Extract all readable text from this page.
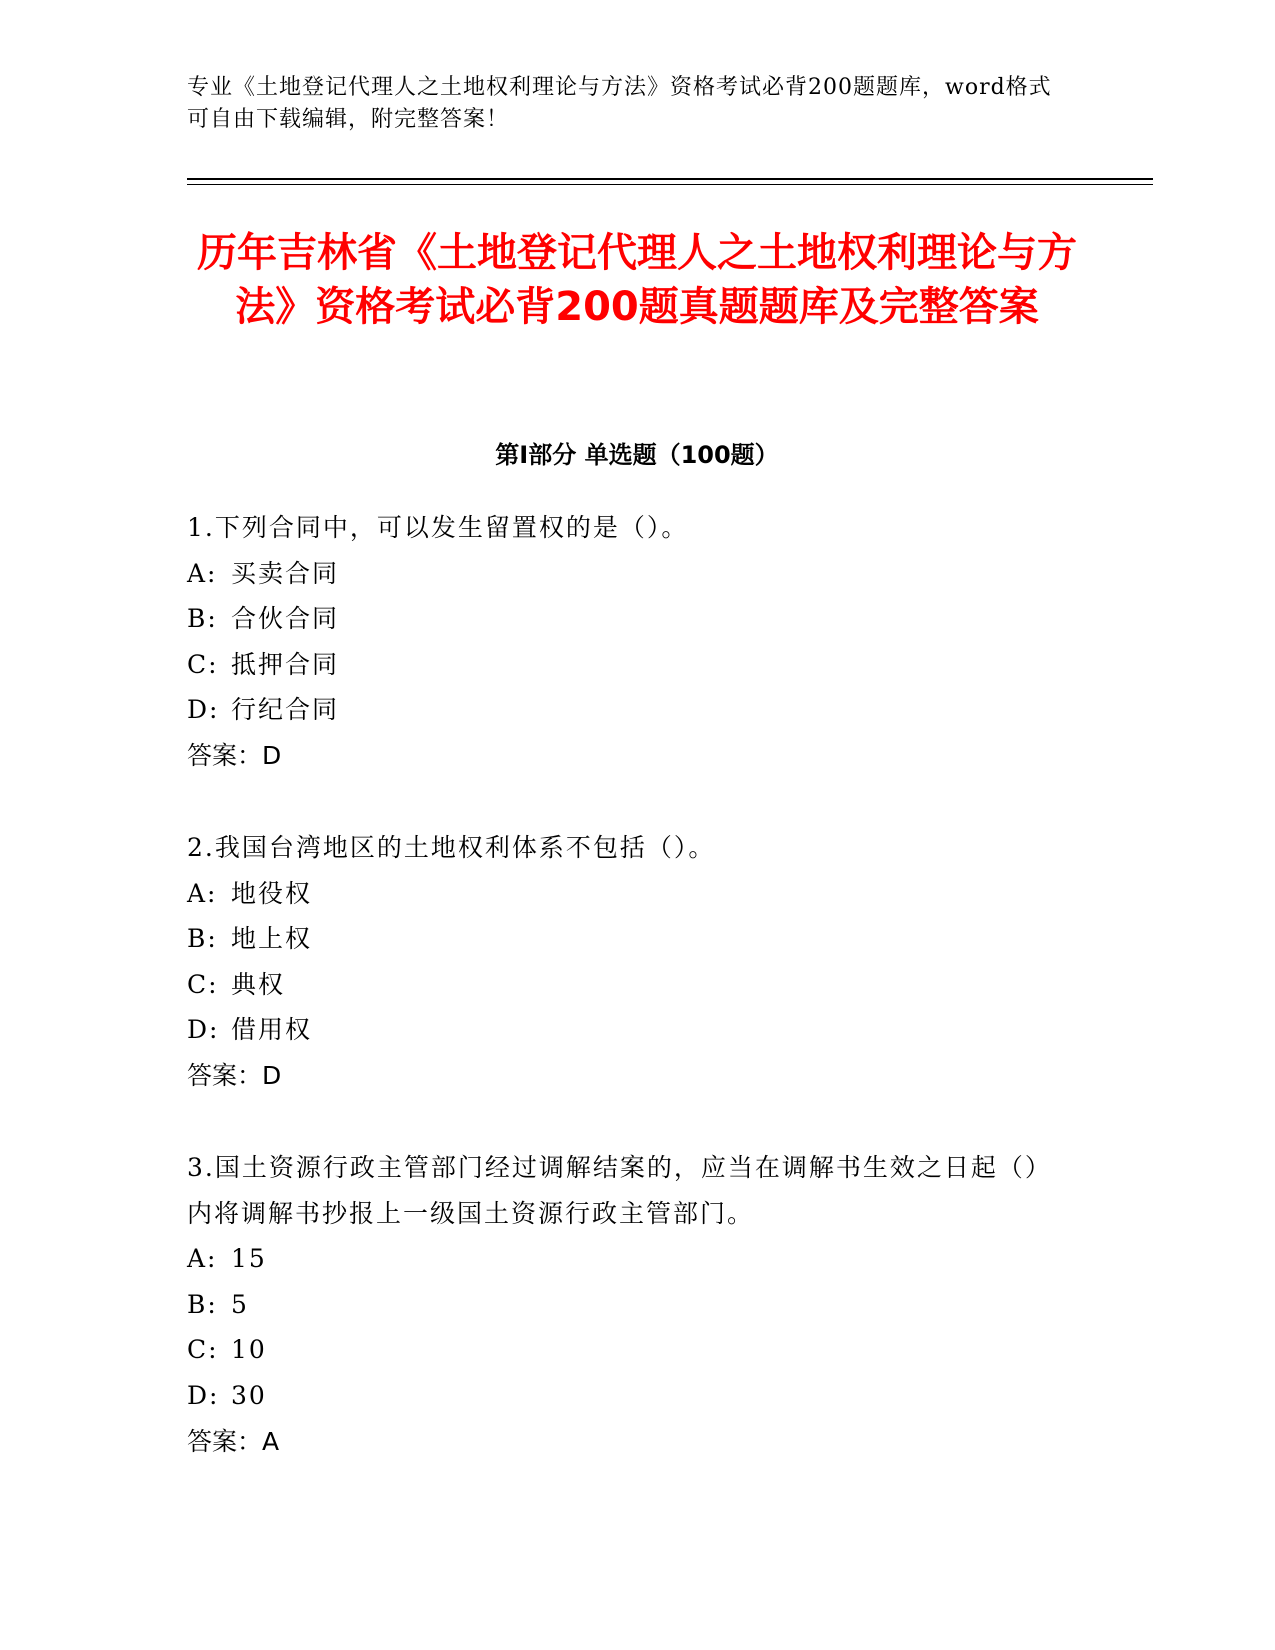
专业《土地登记代理人之土地权利理论与方法》资格考试必背200题题库，word格式可自由下载编辑，附完整答案！
历年吉林省《土地登记代理人之土地权利理论与方法》资格考试必背200题真题题库及完整答案
第Ⅰ部分 单选题（100题）
1.下列合同中，可以发生留置权的是（）。
A: 买卖合同
B: 合伙合同
C: 抵押合同
D: 行纪合同
答案：D
2.我国台湾地区的土地权利体系不包括（）。
A: 地役权
B: 地上权
C: 典权
D: 借用权
答案：D
3.国土资源行政主管部门经过调解结案的，应当在调解书生效之日起（）内将调解书抄报上一级国土资源行政主管部门。
A: 15
B: 5
C: 10
D: 30
答案：A
